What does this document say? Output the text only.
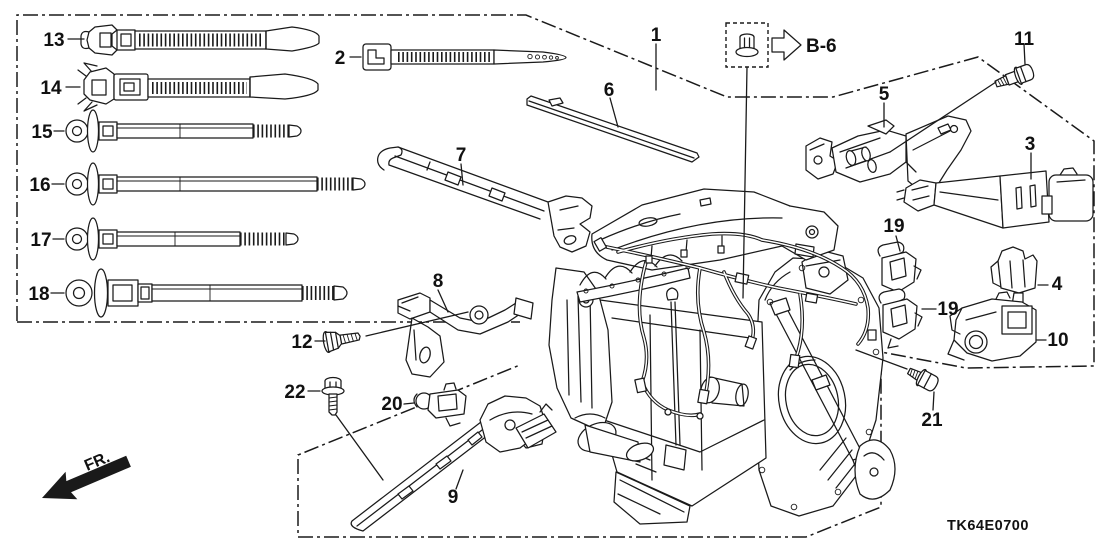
B-6
1
2
3
4
5
6
7
8
9
10
11
12
13
14
15
16
17
18
19
19
20
21
22
FR.
TK64E0700
